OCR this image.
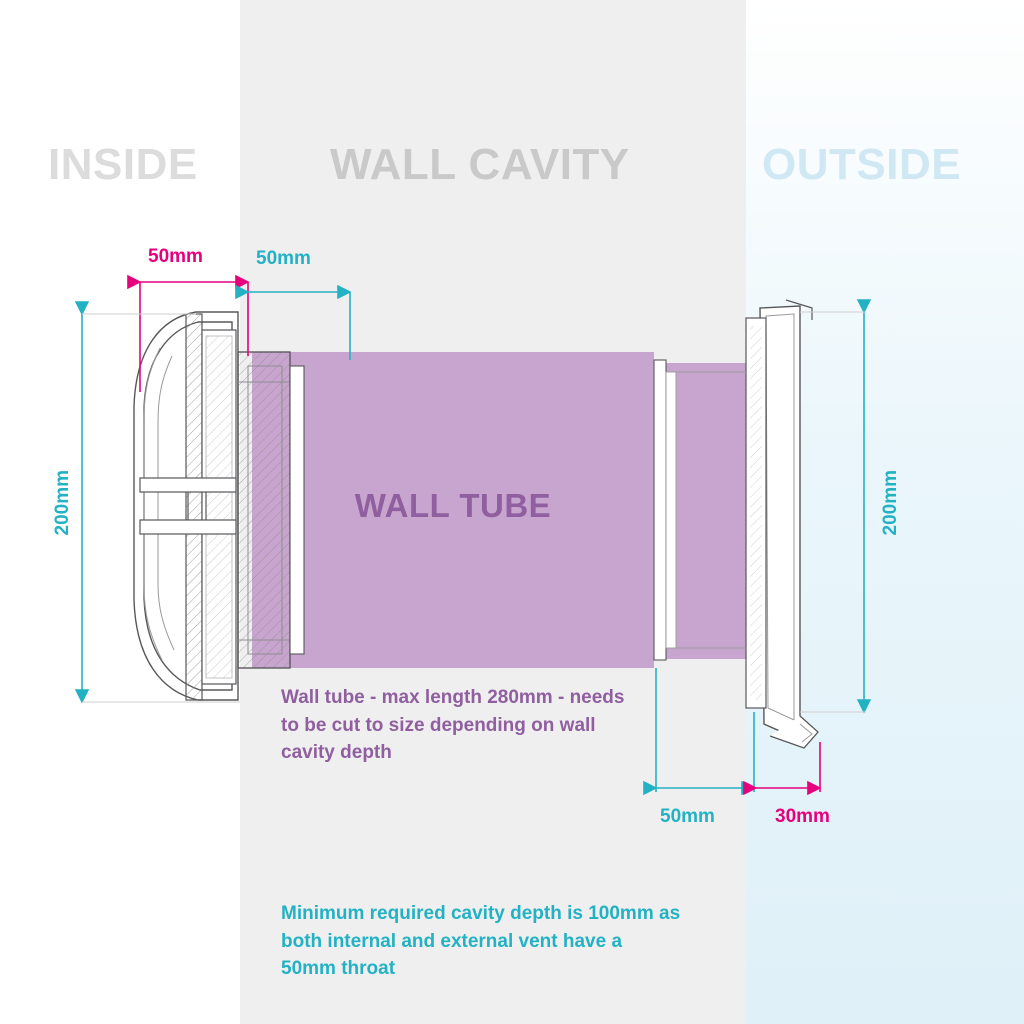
INSIDE	WALL CAVITY	OUTSIDE
WALL TUBE
50mm	50mm
200mm	200mm
50mm	30mm
Wall tube - max length 280mm - needs to be cut to size depending on wall cavity depth
Minimum required cavity depth is 100mm as both internal and external vent have a 50mm throat
